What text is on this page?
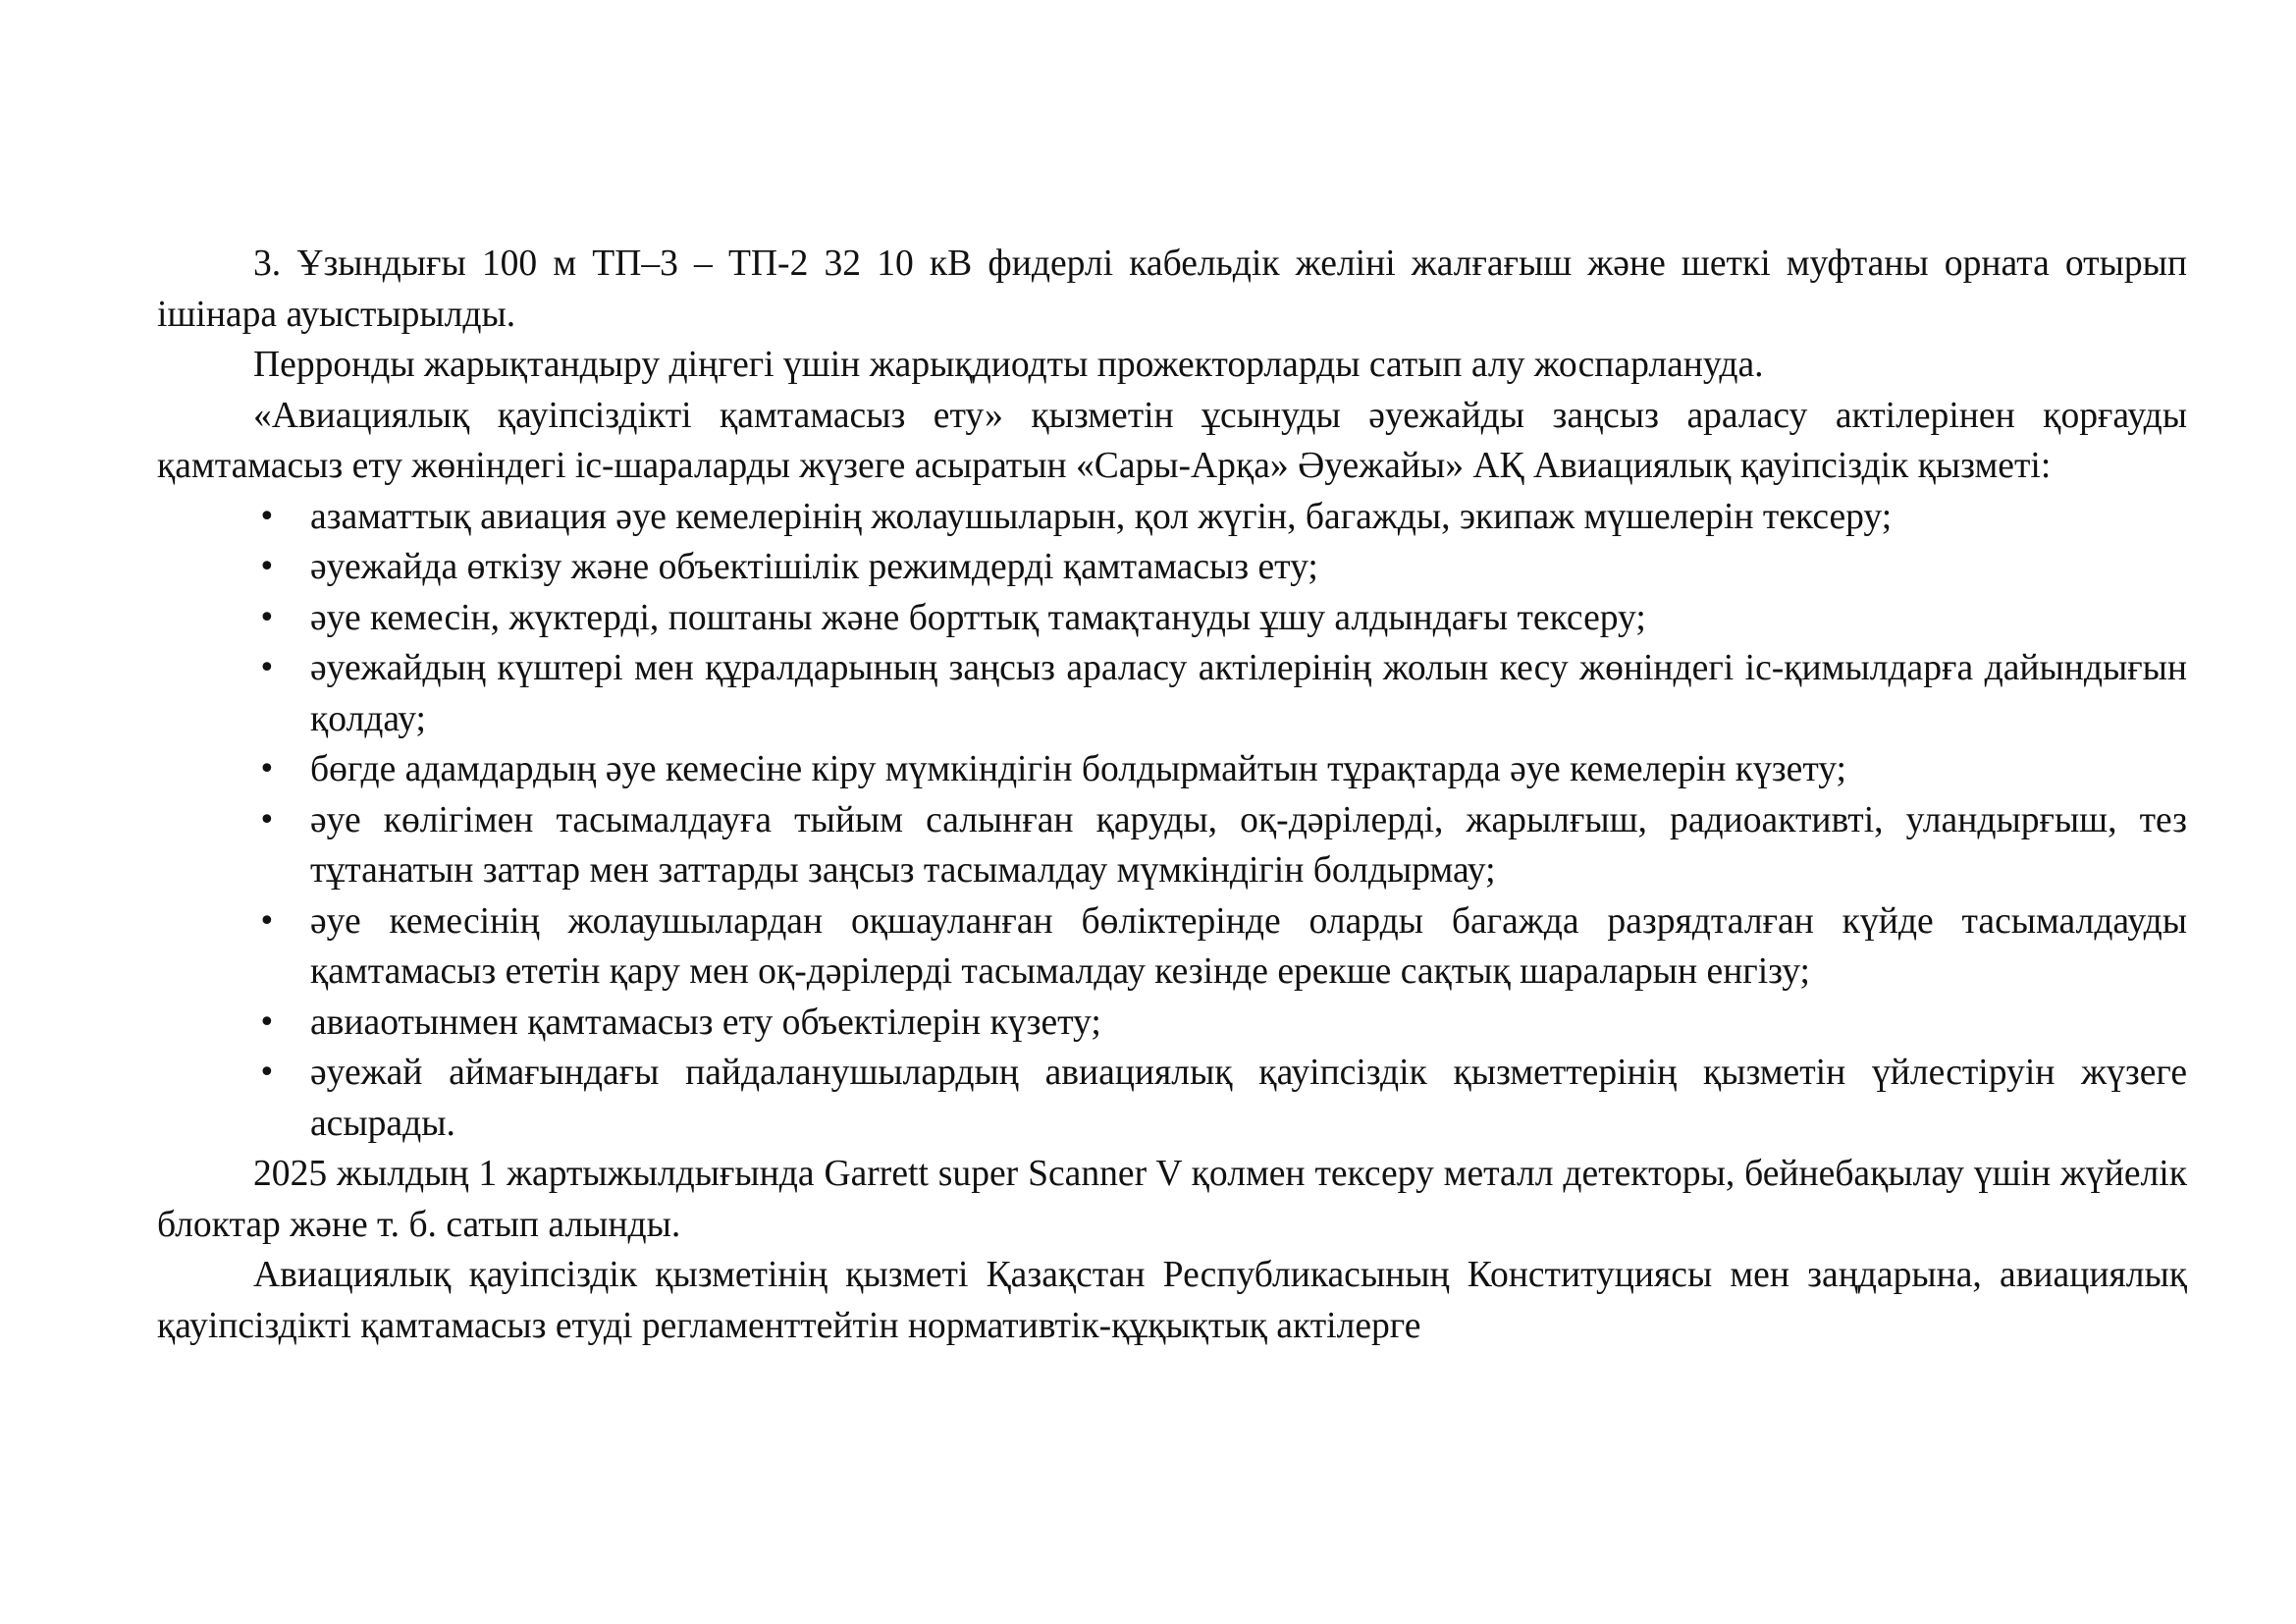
3. Ұзындығы 100 м ТП–3 – ТП-2 32 10 кВ фидерлі кабельдік желіні жалғағыш және шеткі муфтаны орната отырып ішінара ауыстырылды.

Перронды жарықтандыру діңгегі үшін жарықдиодты прожекторларды сатып алу жоспарлануда.

«Авиациялық қауіпсіздікті қамтамасыз ету» қызметін ұсынуды әуежайды заңсыз араласу актілерінен қорғауды қамтамасыз ету жөніндегі іс-шараларды жүзеге асыратын «Сары-Арқа» Әуежайы» АҚ Авиациялық қауіпсіздік қызметі:

• азаматтық авиация әуе кемелерінің жолаушыларын, қол жүгін, багажды, экипаж мүшелерін тексеру;
• әуежайда өткізу және объектішілік режимдерді қамтамасыз ету;
• әуе кемесін, жүктерді, поштаны және борттық тамақтануды ұшу алдындағы тексеру;
• әуежайдың күштері мен құралдарының заңсыз араласу актілерінің жолын кесу жөніндегі іс-қимылдарға дайындығын қолдау;
• бөгде адамдардың әуе кемесіне кіру мүмкіндігін болдырмайтын тұрақтарда әуе кемелерін күзету;
• әуе көлігімен тасымалдауға тыйым салынған қаруды, оқ-дәрілерді, жарылғыш, радиоактивті, уландырғыш, тез тұтанатын заттар мен заттарды заңсыз тасымалдау мүмкіндігін болдырмау;
• әуе кемесінің жолаушылардан оқшауланған бөліктерінде оларды багажда разрядталған күйде тасымалдауды қамтамасыз ететін қару мен оқ-дәрілерді тасымалдау кезінде ерекше сақтық шараларын енгізу;
• авиаотынмен қамтамасыз ету объектілерін күзету;
• әуежай аймағындағы пайдаланушылардың авиациялық қауіпсіздік қызметтерінің қызметін үйлестіруін жүзеге асырады.

2025 жылдың 1 жартыжылдығында Garrett super Scanner V қолмен тексеру металл детекторы, бейнебақылау үшін жүйелік блоктар және т. б. сатып алынды.

Авиациялық қауіпсіздік қызметінің қызметі Қазақстан Республикасының Конституциясы мен заңдарына, авиациялық қауіпсіздікті қамтамасыз етуді регламенттейтін нормативтік-құқықтық актілерге
